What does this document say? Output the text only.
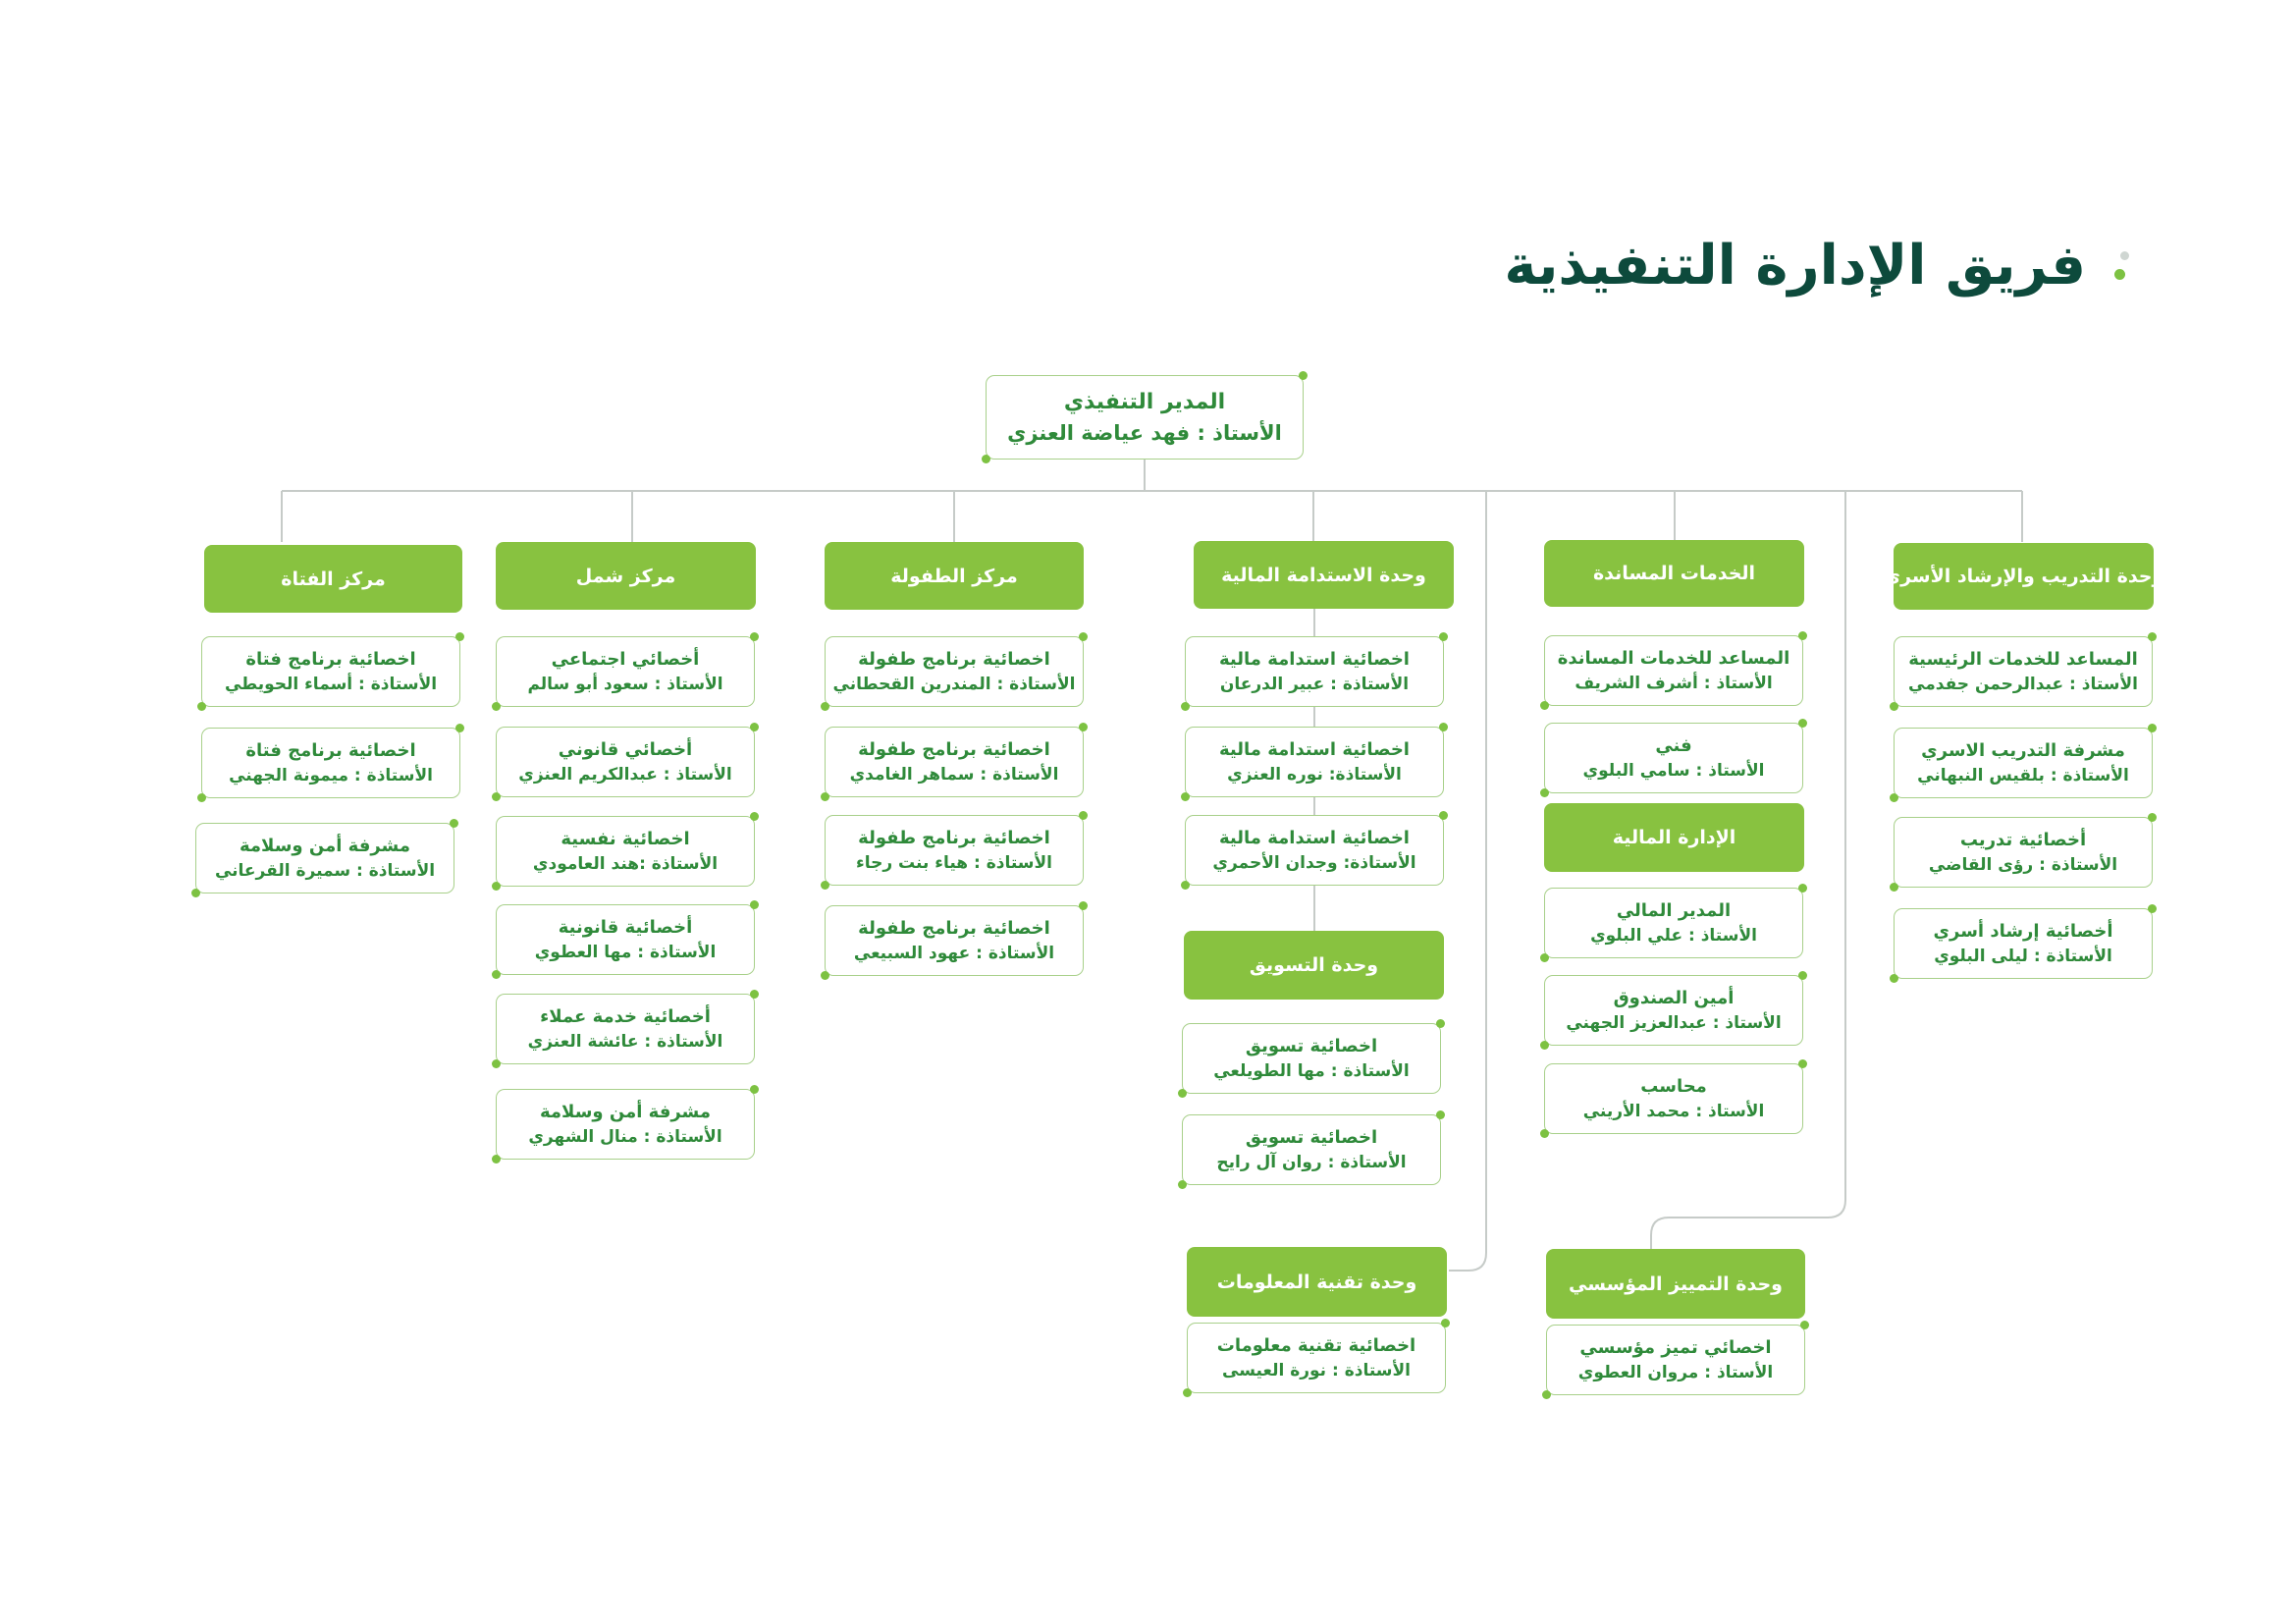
فريق الإدارة التنفيذية
المدير التنفيذي
الأستاذ : فهد عياضة العنزي
وحدة التدريب والإرشاد الأسري
المساعد للخدمات الرئيسية
الأستاذ : عبدالرحمن جفدمي
مشرفة التدريب الاسري
الأستاذة : بلقيس النبهاني
أخصائية تدريب
الأستاذة : رؤى القاضي
أخصائية إرشاد أسري
الأستاذة : ليلى البلوي
الخدمات المساندة
المساعد للخدمات المساندة
الأستاذ : أشرف الشريف
فني
الأستاذ : سامي البلوي
الإدارة المالية
المدير المالي
الأستاذ : علي البلوي
أمين الصندوق
الأستاذ : عبدالعزيز الجهني
محاسب
الأستاذ : محمد الأريني
وحدة الاستدامة المالية
اخصائية استدامة مالية
الأستاذة : عبير الدرعان
اخصائية استدامة مالية
الأستاذة: نوره العنزي
اخصائية استدامة مالية
الأستاذة: وجدان الأحمري
وحدة التسويق
اخصائية تسويق
الأستاذة : مها الطويلعي
اخصائية تسويق
الأستاذة : روان آل رايح
مركز الطفولة
اخصائية برنامج طفولة
الأستاذة : المندرين القحطاني
اخصائية برنامج طفولة
الأستاذة : سماهر الغامدي
اخصائية برنامج طفولة
الأستاذة : هياء بنت رجاء
اخصائية برنامج طفولة
الأستاذة : عهود السبيعي
مركز شمل
أخصائي اجتماعي
الأستاذ : سعود أبو سالم
أخصائي قانوني
الأستاذ : عبدالكريم العنزي
اخصائية نفسية
الأستاذة :هند العامودي
أخصائية قانونية
الأستاذة : مها العطوي
أخصائية خدمة عملاء
الأستاذة : عائشة العنزي
مشرفة أمن وسلامة
الأستاذة : منال الشهري
مركز الفتاة
اخصائية برنامج فتاة
الأستاذة : أسماء الحويطي
اخصائية برنامج فتاة
الأستاذة : ميمونة الجهني
مشرفة أمن وسلامة
الأستاذة : سميرة القرعاني
وحدة تقنية المعلومات
اخصائية تقنية معلومات
الأستاذة : نورة العيسى
وحدة التمييز المؤسسي
اخصائي تميز مؤسسي
الأستاذ : مروان العطوي
